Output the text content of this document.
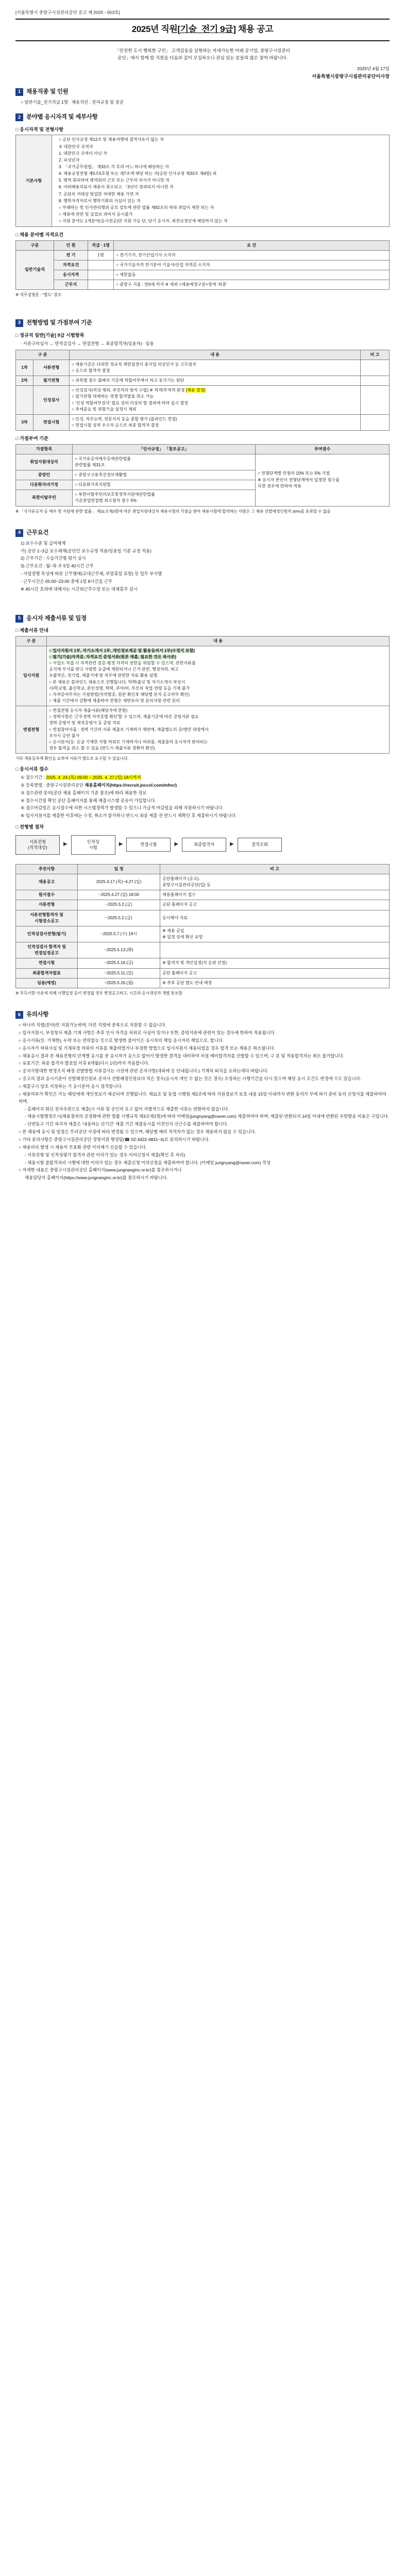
[서울특별시 중랑구시설관리공단 공고 제 2025 - 053호]
2025년 직원[기술_전기 9급] 채용 공고
「안전한 도시 행복한 구민」 고객감동을 실현하는 자세가능한 미래 공기업, 중랑구시설관리
공단」에서 함께 할 직원을 다음과 같이 모집하오니 관심 있는 분들의 많은 참여 바랍니다.
2025년 4월 17일
서울특별시중랑구시설관리공단이사장
1 채용직종 및 인원

○ 일반기술_전기직급 1명 ∙ 채용직인 : 전자규정 및 정권

2 분야별 응시자격 및 세부사항
□ 응시자격 및 전형사항
기본사항	
○ 공단 인사규정 제12조 및 채용여행에 결격사유가 없는 자
① 대한민국 국적자
1. 대한민국 국적이 아닌 자
2. 피성년자
3. 「국가공무원법」 제33조 각 호의 어느 하나에 해당하는 자
4. 채용규정전형 제5조5호항 또는 제7조에 해당 하는 자(공단 인사규정 제33조 제4항) 외
5. 병역 회피하여 병역회의 근로 또는 근무의 의사가 아니한 자
6. 어떠해용의료서 채용이 취소되고 「3년이 경과되지 아니한 자
7. 공단의 거래상 및업한 자에한 해용 가연 자
8. 행학자격자로서 행학기회의 사실이 있는 자
○ 부패하는 및 인사관리행위 공모 검토에 관한 법률 제82조의 따라 취업이 제한 되는 자
○ 채용에 관련 및 실업보 과비서 응시불가
○ 지원 분야는 1개분야(응시전공)만 지원 가능 단, 단기 응시자, 최전규정인에 해당하지 않는 자
□ 채용 분야별 자격요건
구분	인 원	직급 ∙ 1명	요 건
일반기술직	전 기	1명	○ 전기기사, 전기산업기사 소지자
	자격요건		○ 국가기술자격 전기분야 기술사/산업 자격증 소지자
	응시자격		○ 제한없음
	근무지		○ 중랑구 지율 : 만0세 까지 ※ 제외 <채용예정구분>장애 '최종'
※ 직무설명문 : "별도" 참조
3 전형방법 및 가점부여 기준
□ 정규직 일반[기술] 9급 시험항목
∙ 서류구비심사 → 면적검검사 → 면접전형 → 최종합격자(임용자) ∙ 임용
구 분		내 용	비 고
1차	서류전형	○ 채용기준은 다의한 정규직 제한설정이 종사업 의상인가 등 고득점자
○ 순으로 합격자 결정	
2차	필기전형	○ 과목별 점수 불배치 기준에 적합여부에서 하고 동가기는 원단	
	인성검사	○ 인성검사(적성 제외, 추진격의 방식 수립) ※ 적격/부적격 판정 [채용 결정]
○ 필기전형 대체하는 경쟁 합격발표 취소 가능
○ '인성 적합여부검사' 필요 성의 이상의 항 결과에 따라 실시 결정
○ 추세중요 및 위험기술 설정시 제외	
3차	면접시험	○ 인성, 직무능력, 전문지식 등을 종합 평가 (블라인드 면접)
○ 면접시험 성적 우수자 순으로 최종 합격자 결정	
□ 가점부여 기준
가점항목	「인사규정」 「참조공고」	부여점수
취업지원대상자	○ 국가유공자예우등에관한법률
관련법률 제31조	○ 전형단계별 만점의 10% 또는 5% 가점
※ 응시자 본인이 전형단계에서 일정한 점수를
득한 경우에 한하여 적용
중랑인	○ 중랑구고용촉진정보제활법	
다문화자녀가정	○ 다문화가족지원법	
북한이탈주민	○ 북한이탈주민의보호및정착지원에관한법률
기준취업면접별 최고점자 점수 5%	
※ 「국가유공자 등 예우 및 지원에 관한 법률」 제31조제3항에 따른 취업지원대상자 채용시험의 가점을 받아 채용시험에 합격하는 사람은 그 채용 선발예정인원의 30%를 초과할 수 없음
4 근무요건

1) 보수수준 및 급여체계

가) 공단 1~3급 보수체계(공단인 보수규정 적용/임용일 기준 규정 적용)

2) 근무기간 : 수습기간별 평가 실시

3) 근무요건 : 월~목 주 5일 40시간 근무

- 사업장별 특성에 따른 근무형태(교대근무제, 주말휴일 포함) 등 업무 부서별

- 근무시간은 05:00~23:00 중에 1일 8시간을 근무

※ 45시간 초과에 대해서는 시간외근무수당 또는 대체휴무 실시

5 응시자 제출서류 및 일정
□ 제출서류 안내
구 분	내 용
입사지원	○ 입사지원서 1부, 자기소개서 1부, 개인정보제공 및 활용동의서 1부(수정지 포함)
○ 필기(기술)자격증, 자격요건 증빙서류(원본 제출, 필요한 것은 복사본)
○ 사업소 직접 시 자격관련 검증·평정 자격의 권한을 위임할 수 있으며, 관련서류를
공지에 부사를 받고 사람한 응급에 제한되거나 근거 관련, 행정처리, 최고
포괄적은, 전기법, 제출기에 및 직무에 관련한 자료 활용 설명.
○ 본 채용은 블라인드 채용으로 진행됩니다. 학력/출신 및 자기소개서 작성시
시/학교명, 출신학교, 본인성명, 학력, 주어/비, 부모의 직업·연령 등을 기재 불가
○ 자격증여부자는 가점방법(자격별증, 원본 확인후 해당별 문자 공고여부 확인)
○ 제출 기간에서 상황에 제출하여 전형은 제반유의 및 문의사항 관련 문의
면접전형	○ 면접전형 응시자 제출서류(해당자에 한함)
○ 경력사항은 '근무경력 자격증별 확인'할 수 있으며, 제출기준에 따른 증빙서류 필요
경력 증명서 및 재직증명서 등 증빙 자료
○ 면접참여서를 : 경력 기간의 서류 제출로 기재하기 제반에, 재출별도의 증/명만 대장에서
조사시 공란 불가
○ 응시원서(등: 응급 기재한 사항 허위로 기재하거나 허위를, 제출물의 응시자격 판여되는
경우 합격을 취소 할 수 있음 (반드시 제출서류 정확히 확인)
기타 개용등록에 확인을 요하여 서류가 별도로 요구할 수 있습니다.
□ 응시서류 접수

① 접수기간 : 2025. 4. 24.(목) 09:00 ~ 2025. 4. 27.(일) 18시까지

② 등록방법 : 중랑구시설관리공단 채용홈페이지(https://recruit.jnccsf.com/mfnc/)

③ 접수관련 문의(공단 채용 홈페이지 기준 참조)에 따라 채용한 정보

④ 접수시간일 확인 공단 홈페이지를 통해 제출시스템 공유이 가입합니다.

⑤ 접수마감일은 응시접수에 의한 시스템경력가 발생할 수 있으니 가급적 마감일을 피해 지원하시기 바랍니다.

⑥ 입사지원서를 제출한 이후에는 수정, 취소가 불가하니 반드시 최종 제출 전 반드시 제확인 후 제출하시기 바랍니다.

□ 전형별 절차
서류전형
(적격대상)
▶	인적성
시험
▶	면접시험	▶	최종합격자	▶	결격조회
추진사항	일 정	비 고
채용공고	2025.4.17.(목)~4.27.(일)	공단홈페이지 (공고),
중랑구시설관리공단(일) 등
원서접수	~2025.4.27.(일) 18:00	채용홈페이지 접수
서류전형	~2025.5.2.(금)	공단 홈페이지 공고
서류전형합격자 및 시험장소공고	~2025.5.2.(금)	응시해사 자료
인적성검사전형(필기)	~2025.5.7.(수) 19시	※ 채용 공일
※ 일정 상세 확인 요망
인적성검사 합격자 및
면접일정공고	~2025.5.13.(화)	
면접시험	~2025.5.16.(금)	※ 합격자 및 개인일정(지 순위 선정)
최종합격자발표	~2025.5.11.(일)	공단 홈페이지 공고
임용(예정)	~2025.5.26.(월)	※ 추후 공단 별도 안내 예정
※ 부득이한 사유에 의해 시행일정 등이 변경될 경우 변경공고하고, 시간과 응시대상자 개별 통보함
6 유의사항

○ 하나의 직렬(분야)만 지원가능하며, 다른 직렬에 중복으로 지원할 수 없습니다.

○ 입사지원시, 부정청사 제출 기재 사항은 추후 인사 자격을 허위로 사실이 있거나 또한, 증빙서류에 관련이 있는 경우에 한하여 적용됩니다.

○ 응시서류(등: 기재한), 누락 또는 연락불능 등으로 발생한 불이익은 응시자의 책임 응시자의 책임으로, 합니다.

○ 응시자가 허위사실 및 기재부정 허위의 서류를 제출하였거나 부정한 방법으로 입사지원서 채용되었을 경우 합격 또는 채용은 취소됩니다.

○ 채용응시 결과 본 채용전형의 단계별 응시를 중 응시자가 응으로 없어서 발생한 결격을 대비하여 차점 예비합격자를 선발할 수 있으며, 구 분 및 적용합격자는 취소 불가합니다.

○ 유효기간: 최종 합격자 발표일 이후 6개월(다시 1년)까지 적용합니다.

○ 공지사항대한 변경조치 배정 선발방법 서류검사는 시전에 관련 공지사항(대외에 등 안내됩니다.) 기계의 퇴직을 요하는데다 바랍니다.

○ 공고의 결과 응시기준이 선발해정인원보 공지사 선발해정인원보다 적은 경우(응시자 개인 수 없는 것은 경우) 조정하는 시행기간을 다시 있으며 해당 응시 조건도 변경에 수도 있습니다.

○ 제출구시 당초 지정하는 기 응시분야 응시 절격합니다.

○ 채용여부가 확인은 가능 해당에게 개인정보가 제공되며 진행됩니다. 제11조 및 동법 시행령 제2조에 따라 지원정보가 보호 내용 15일 이내까지 반환 동의가 무에 파기 준비 동의 신청서를 제출하여야 하며,

- 홈페이지 회신 전자우편으로 제출(시 서류 및 공인의 요구 없이 지별적으로 제출한 서류는 반환하지 않습니다.

- 채용시험행정모시(채용절차의 공정화에 관한 법률 시행규칙 제3조제1항)에 따라 이메일(jungnyang@naver.com) 제출하여야 하며, 제출된 반환되지 14일 이내에 반환된 우편발송 비용은 구입니다.

- 단반동구 기간 피지자 제출은 '내용하는 단기간' 제출 기간 제출동시를 이전인지 선근수를 제출하여야 합니다.

○ 본 채용에 응시 및 일정은 무리공단 사정에 따라 변경될 수 있으며, 해당별 예비 적격자가 없는 경우 채용하지 않을 수 있습니다.

○ 기타 문의사항은 중랑구시설관리공단 경영지원 행정팀(☎ 02-3422-4831~4)로 문의하시기 바랍니다.

○ 채용비리 발생 시 채용이 무효화 관련 이의제기 신을할 수 있습니다.

- 서류전형 및 인적성평가 합격자 관련 이의가 있는 경우 이의신청서 제출(확인 후 처리)

- 채용시험 불합격처리 시행에 대한 이의가 있는 경우 제출신청 이의신청을 제출하여야 합니다. (이메일 jungnyang@naver.com) 작성

○ 자세한 내용은 중랑구시설관리공단 홈페이지(www.jungnanginc.or.kr)를 참조하시거나

채용담당자 홈페이지(https://www.jungnanginc.or.kr)를 참조하시기 바랍니다.
